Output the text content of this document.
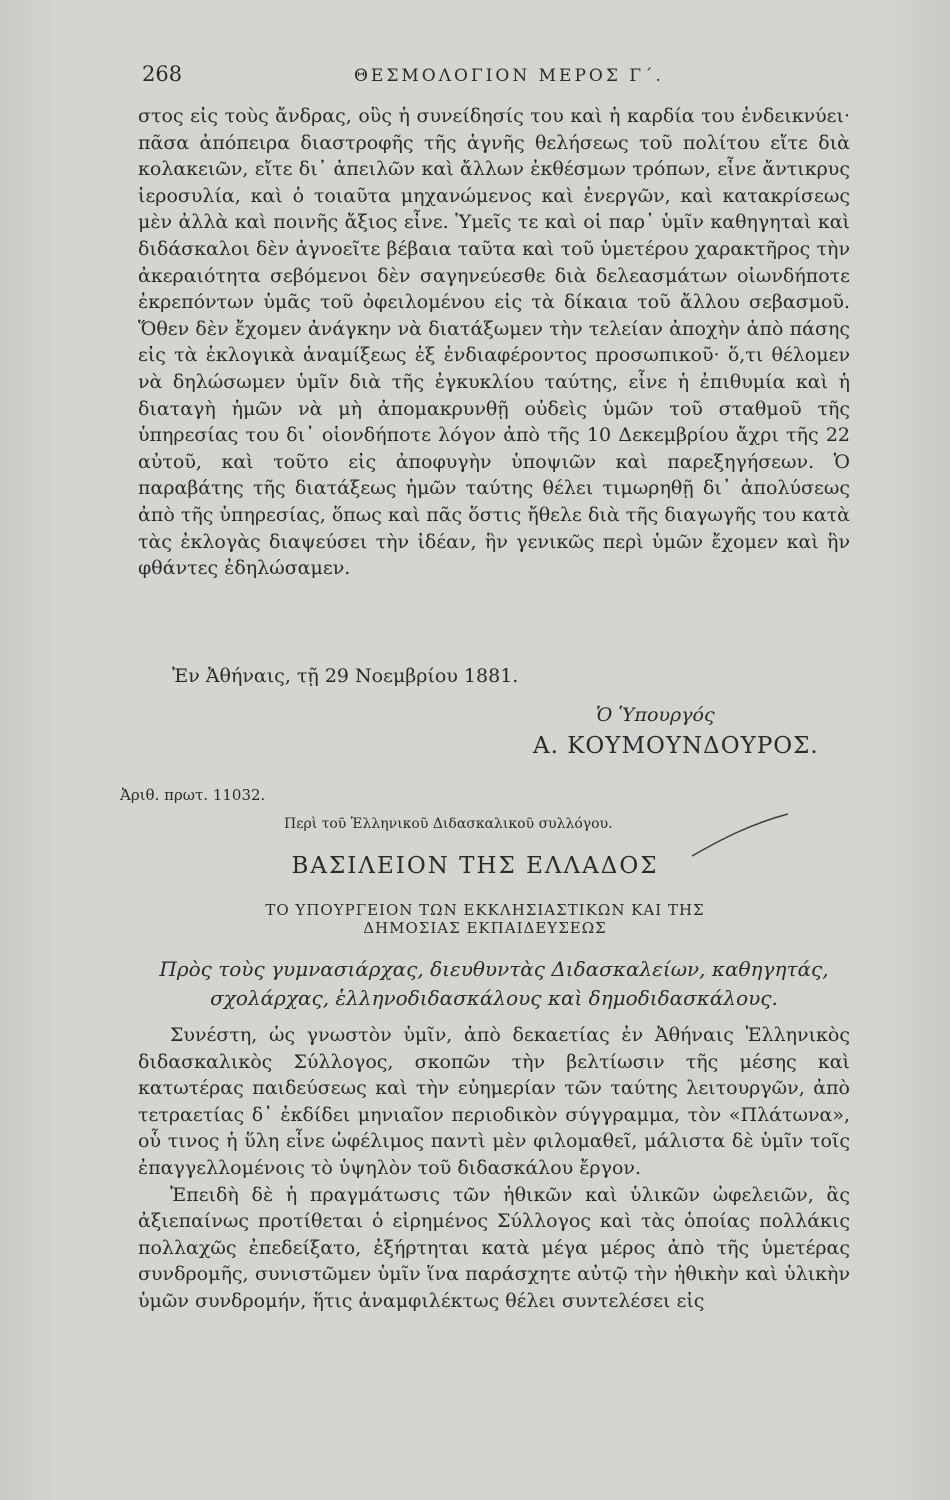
268	ΘΕΣΜΟΛΟΓΙΟΝ ΜΕΡΟΣ Γ΄.

στος εἰς τοὺς ἄνδρας, οὓς ἡ συνείδησίς του καὶ ἡ καρδία του ἐνδεικνύει· πᾶσα ἀπόπειρα διαστροφῆς τῆς ἁγνῆς θελήσεως τοῦ πολίτου εἴτε διὰ κολακειῶν, εἴτε δι᾿ ἀπειλῶν καὶ ἄλλων ἐκθέσμων τρόπων, εἶνε ἄντικρυς ἱεροσυλία, καὶ ὁ τοιαῦτα μηχανώμενος καὶ ἐνεργῶν, καὶ κατακρίσεως μὲν ἀλλὰ καὶ ποινῆς ἄξιος εἶνε. Ὑμεῖς τε καὶ οἱ παρ᾿ ὑμῖν καθηγηταὶ καὶ διδάσκαλοι δὲν ἀγνοεῖτε βέβαια ταῦτα καὶ τοῦ ὑμετέρου χαρακτῆρος τὴν ἀκεραιότητα σεβόμενοι δὲν σαγηνεύεσθε διὰ δελεασμάτων οἰωνδήποτε ἐκρεπόντων ὑμᾶς τοῦ ὀφειλομένου εἰς τὰ δίκαια τοῦ ἄλλου σεβασμοῦ. Ὅθεν δὲν ἔχομεν ἀνάγκην νὰ διατάξωμεν τὴν τελείαν ἀποχὴν ἀπὸ πάσης εἰς τὰ ἐκλογικὰ ἀναμίξεως ἐξ ἐνδιαφέροντος προσωπικοῦ· ὅ,τι θέλομεν νὰ δηλώσωμεν ὑμῖν διὰ τῆς ἐγκυκλίου ταύτης, εἶνε ἡ ἐπιθυμία καὶ ἡ διαταγὴ ἡμῶν νὰ μὴ ἀπομακρυνθῇ οὐδεὶς ὑμῶν τοῦ σταθμοῦ τῆς ὑπηρεσίας του δι᾿ οἱονδήποτε λόγον ἀπὸ τῆς 10 Δεκεμβρίου ἄχρι τῆς 22 αὐτοῦ, καὶ τοῦτο εἰς ἀποφυγὴν ὑποψιῶν καὶ παρεξηγήσεων. Ὁ παραβάτης τῆς διατάξεως ἡμῶν ταύτης θέλει τιμωρηθῇ δι᾿ ἀπολύσεως ἀπὸ τῆς ὑπηρεσίας, ὅπως καὶ πᾶς ὅστις ἤθελε διὰ τῆς διαγωγῆς του κατὰ τὰς ἐκλογὰς διαψεύσει τὴν ἰδέαν, ἣν γενικῶς περὶ ὑμῶν ἔχομεν καὶ ἣν φθάντες ἐδηλώσαμεν.

Ἐν Ἀθήναις, τῇ 29 Νοεμβρίου 1881.
Ὁ Ὑπουργός
Α. ΚΟΥΜΟΥΝΔΟΥΡΟΣ.
Ἀριθ. πρωτ. 11032.
Περὶ τοῦ Ἑλληνικοῦ Διδασκαλικοῦ συλλόγου.
ΒΑΣΙΛΕΙΟΝ ΤΗΣ ΕΛΛΑΔΟΣ
ΤΟ ΥΠΟΥΡΓΕΙΟΝ ΤΩΝ ΕΚΚΛΗΣΙΑΣΤΙΚΩΝ ΚΑΙ ΤΗΣ
ΔΗΜΟΣΙΑΣ ΕΚΠΑΙΔΕΥΣΕΩΣ
Πρὸς τοὺς γυμνασιάρχας, διευθυντὰς Διδασκαλείων, καθηγητάς,
σχολάρχας, ἑλληνοδιδασκάλους καὶ δημοδιδασκάλους.

Συνέστη, ὡς γνωστὸν ὑμῖν, ἀπὸ δεκαετίας ἐν Ἀθήναις Ἑλληνικὸς διδασκαλικὸς Σύλλογος, σκοπῶν τὴν βελτίωσιν τῆς μέσης καὶ κατωτέρας παιδεύσεως καὶ τὴν εὐημερίαν τῶν ταύτης λειτουργῶν, ἀπὸ τετραετίας δ᾿ ἐκδίδει μηνιαῖον περιοδικὸν σύγγραμμα, τὸν «Πλάτωνα», οὗ τινος ἡ ὕλη εἶνε ὠφέλιμος παντὶ μὲν φιλομαθεῖ, μάλιστα δὲ ὑμῖν τοῖς ἐπαγγελλομένοις τὸ ὑψηλὸν τοῦ διδασκάλου ἔργον.

Ἐπειδὴ δὲ ἡ πραγμάτωσις τῶν ἠθικῶν καὶ ὑλικῶν ὠφελειῶν, ἃς ἀξιεπαίνως προτίθεται ὁ εἰρημένος Σύλλογος καὶ τὰς ὁποίας πολλάκις πολλαχῶς ἐπεδείξατο, ἐξήρτηται κατὰ μέγα μέρος ἀπὸ τῆς ὑμετέρας συνδρομῆς, συνιστῶμεν ὑμῖν ἵνα παράσχητε αὐτῷ τὴν ἠθικὴν καὶ ὑλικὴν ὑμῶν συνδρομήν, ἥτις ἀναμφιλέκτως θέλει συντελέσει εἰς
